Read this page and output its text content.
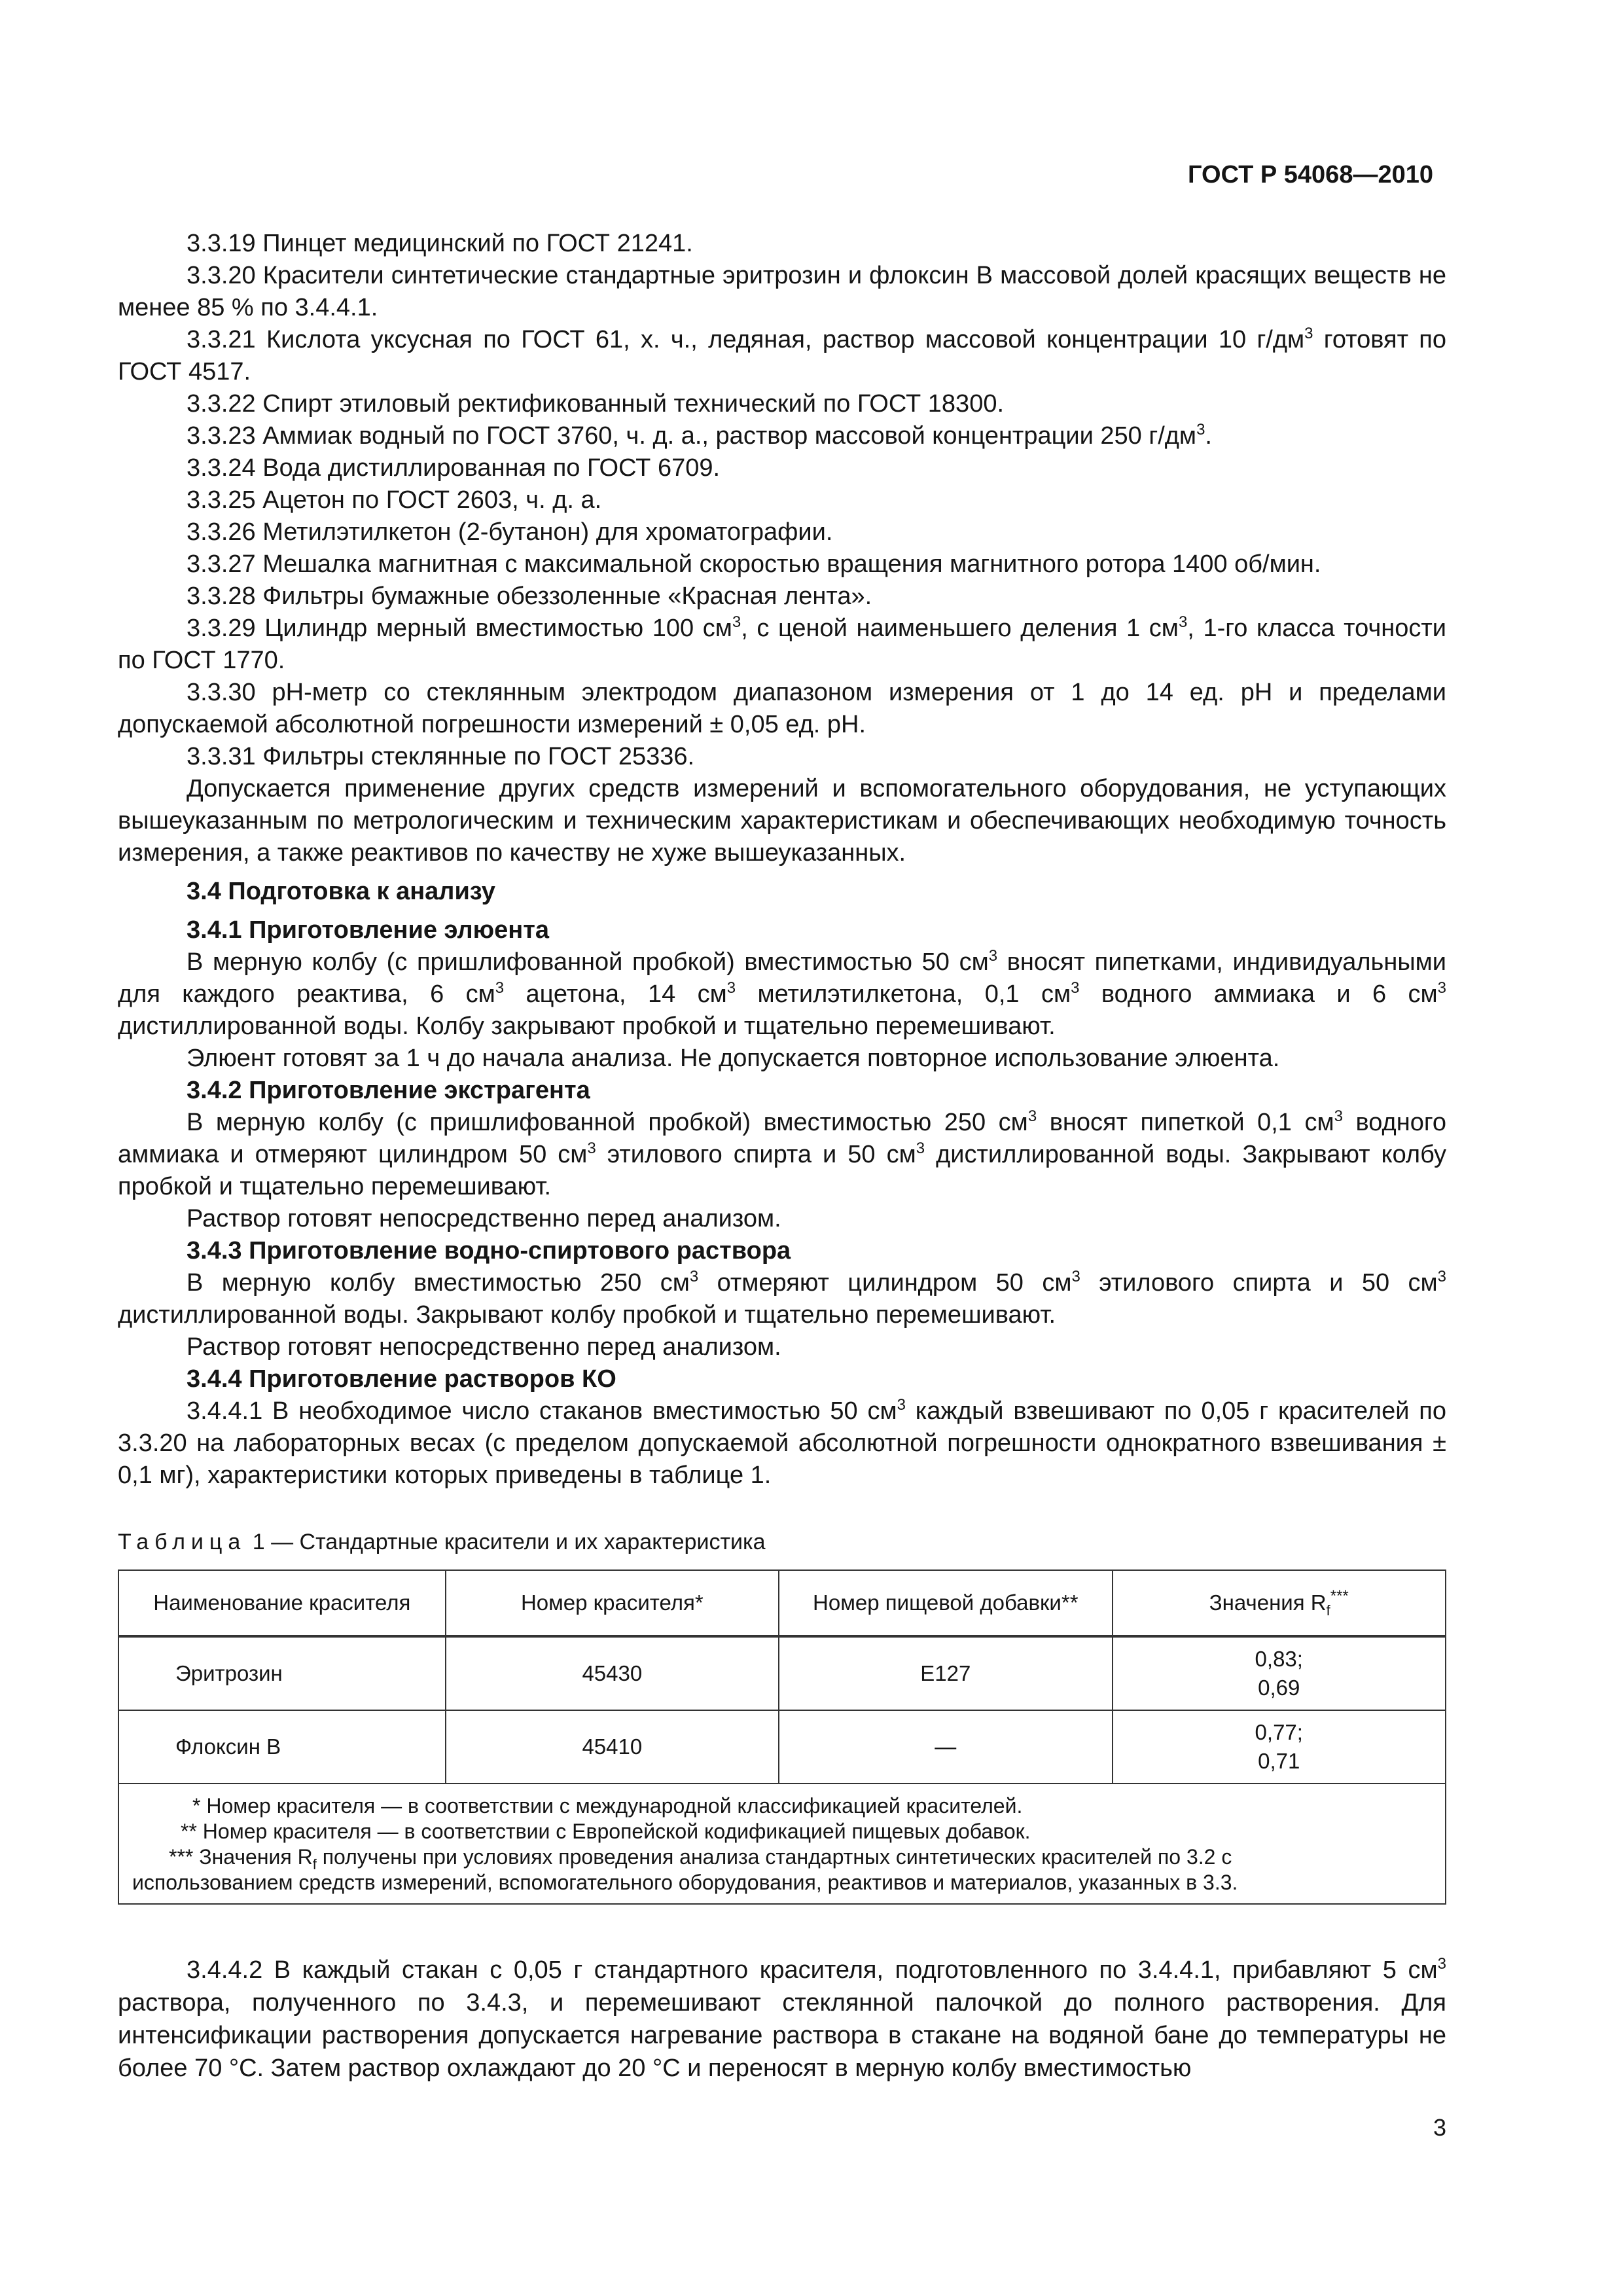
ГОСТ Р 54068—2010

3.3.19 Пинцет медицинский по ГОСТ 21241.

3.3.20 Красители синтетические стандартные эритрозин и флоксин В массовой долей красящих веществ не менее 85 % по 3.4.4.1.

3.3.21 Кислота уксусная по ГОСТ 61, х. ч., ледяная, раствор массовой концентрации 10 $г/дм^3$ готовят по ГОСТ 4517.

3.3.22 Спирт этиловый ректификованный технический по ГОСТ 18300.

3.3.23 Аммиак водный по ГОСТ 3760, ч. д. а., раствор массовой концентрации 250 $г/дм^3$.

3.3.24 Вода дистиллированная по ГОСТ 6709.

3.3.25 Ацетон по ГОСТ 2603, ч. д. а.

3.3.26 Метилэтилкетон (2-бутанон) для хроматографии.

3.3.27 Мешалка магнитная с максимальной скоростью вращения магнитного ротора 1400 об/мин.

3.3.28 Фильтры бумажные обеззоленные «Красная лента».

3.3.29 Цилиндр мерный вместимостью 100 $см^3$, с ценой наименьшего деления 1 $см^3$, 1-го класса точности по ГОСТ 1770.

3.3.30 pH-метр со стеклянным электродом диапазоном измерения от 1 до 14 ед. pH и пределами допускаемой абсолютной погрешности измерений ± 0,05 ед. pH.

3.3.31 Фильтры стеклянные по ГОСТ 25336.

Допускается применение других средств измерений и вспомогательного оборудования, не уступающих вышеуказанным по метрологическим и техническим характеристикам и обеспечивающих необходимую точность измерения, а также реактивов по качеству не хуже вышеуказанных.

3.4 Подготовка к анализу

3.4.1 Приготовление элюента

В мерную колбу (с пришлифованной пробкой) вместимостью 50 $см^3$ вносят пипетками, индивидуальными для каждого реактива, 6 $см^3$ ацетона, 14 $см^3$ метилэтилкетона, 0,1 $см^3$ водного аммиака и 6 $см^3$ дистиллированной воды. Колбу закрывают пробкой и тщательно перемешивают.

Элюент готовят за 1 ч до начала анализа. Не допускается повторное использование элюента.

3.4.2 Приготовление экстрагента

В мерную колбу (с пришлифованной пробкой) вместимостью 250 $см^3$ вносят пипеткой 0,1 $см^3$ водного аммиака и отмеряют цилиндром 50 $см^3$ этилового спирта и 50 $см^3$ дистиллированной воды. Закрывают колбу пробкой и тщательно перемешивают.

Раствор готовят непосредственно перед анализом.

3.4.3 Приготовление водно-спиртового раствора

В мерную колбу вместимостью 250 $см^3$ отмеряют цилиндром 50 $см^3$ этилового спирта и 50 $см^3$ дистиллированной воды. Закрывают колбу пробкой и тщательно перемешивают.

Раствор готовят непосредственно перед анализом.

3.4.4 Приготовление растворов КО

3.4.4.1 В необходимое число стаканов вместимостью 50 $см^3$ каждый взвешивают по 0,05 г красителей по 3.3.20 на лабораторных весах (с пределом допускаемой абсолютной погрешности однократного взвешивания ± 0,1 мг), характеристики которых приведены в таблице 1.

Таблица 1 — Стандартные красители и их характеристика
Наименование красителя	Номер красителя*	Номер пищевой добавки**	Значения $R_f^{***}$
Эритрозин	45430	Е127	0,83;
0,69
Флоксин В	45410	—	0,77;
0,71

* Номер красителя — в соответствии с международной классификацией красителей.
** Номер красителя — в соответствии с Европейской кодификацией пищевых добавок.
*** Значения $R_f$ получены при условиях проведения анализа стандартных синтетических красителей по 3.2 с
использованием средств измерений, вспомогательного оборудования, реактивов и материалов, указанных в 3.3.			

3.4.4.2 В каждый стакан с 0,05 г стандартного красителя, подготовленного по 3.4.4.1, прибавляют 5 $см^3$ раствора, полученного по 3.4.3, и перемешивают стеклянной палочкой до полного растворения. Для интенсификации растворения допускается нагревание раствора в стакане на водяной бане до температуры не более 70 °С. Затем раствор охлаждают до 20 °С и переносят в мерную колбу вместимостью

3
